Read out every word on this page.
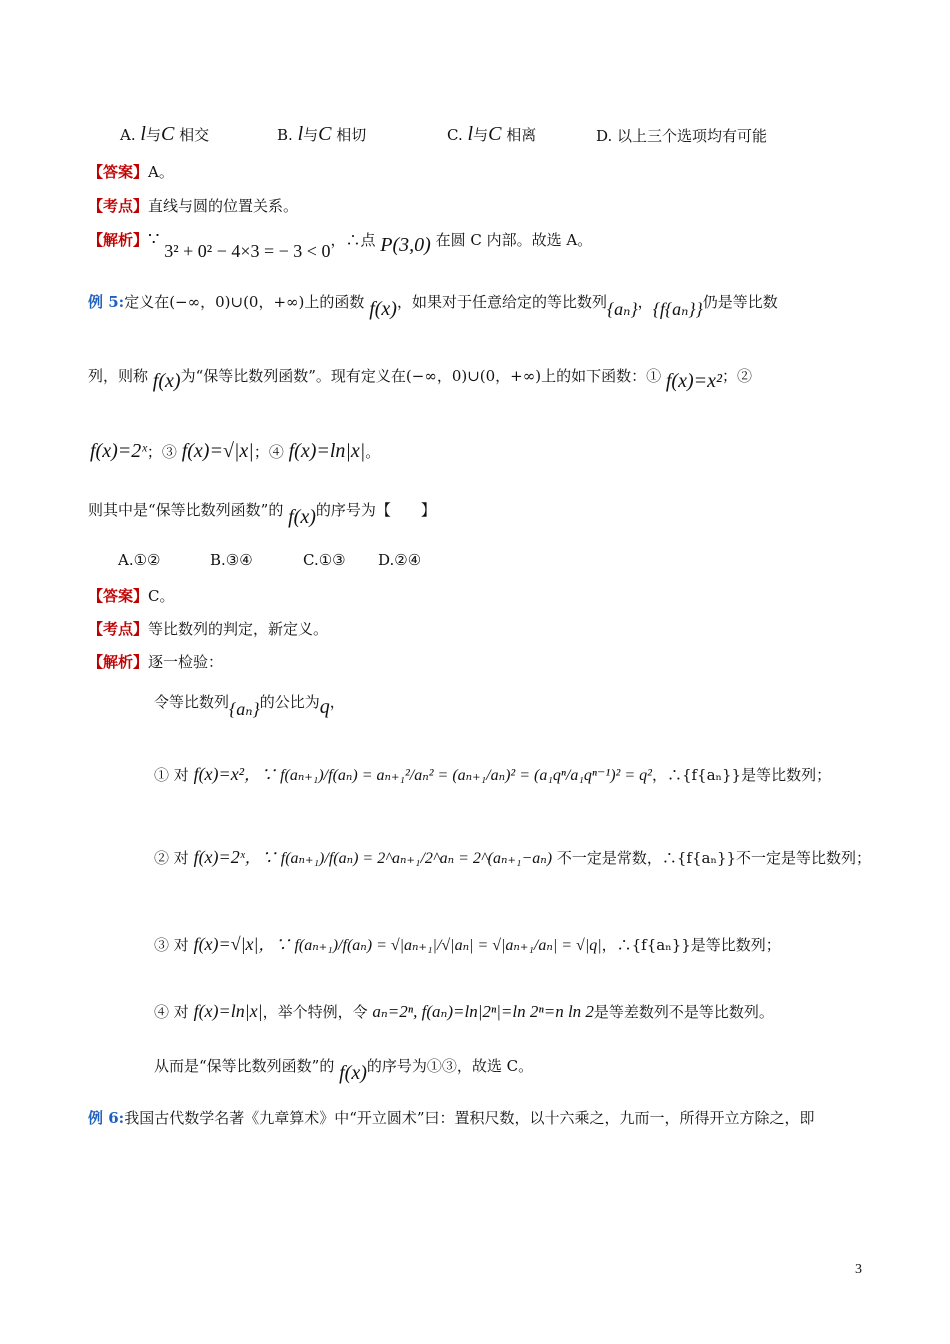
A. l与C 相交	B. l与C 相切	C. l与C 相离	D. 以上三个选项均有可能
【答案】A。
【考点】直线与圆的位置关系。
【解析】∵ 3² + 0² − 4×3 = − 3 < 0，∴点 P(3,0) 在圆 C 内部。故选 A。
例 5:定义在(−∞，0)∪(0，+∞)上的函数 f(x)，如果对于任意给定的等比数列{aₙ}，{f{aₙ}}仍是等比数
列，则称 f(x)为“保等比数列函数”。现有定义在(−∞，0)∪(0，+∞)上的如下函数：① f(x)=x²；②
f(x)=2ˣ；③ f(x)=√|x|；④ f(x)=ln|x|。
则其中是“保等比数列函数”的 f(x)的序号为【　　】
A.①②	B.③④	C.①③ D.②④
【答案】C。
【考点】等比数列的判定，新定义。
【解析】逐一检验：
令等比数列{aₙ}的公比为q，
① 对 f(x)=x²，∵ f(aₙ₊₁)/f(aₙ) = aₙ₊₁²/aₙ² = (aₙ₊₁/aₙ)² = (a₁qⁿ/a₁qⁿ⁻¹)² = q²，∴{f{aₙ}}是等比数列；
② 对 f(x)=2ˣ，∵ f(aₙ₊₁)/f(aₙ) = 2^aₙ₊₁/2^aₙ = 2^(aₙ₊₁−aₙ) 不一定是常数，∴{f{aₙ}}不一定是等比数列；
③ 对 f(x)=√|x|，∵ f(aₙ₊₁)/f(aₙ) = √|aₙ₊₁|/√|aₙ| = √|aₙ₊₁/aₙ| = √|q|，∴{f{aₙ}}是等比数列；
④ 对 f(x)=ln|x|，举个特例，令 aₙ=2ⁿ, f(aₙ)=ln|2ⁿ|=ln 2ⁿ=n ln 2是等差数列不是等比数列。
从而是“保等比数列函数”的 f(x)的序号为①③，故选 C。
例 6:我国古代数学名著《九章算术》中“开立圆术”曰：置积尺数，以十六乘之，九而一，所得开立方除之，即
3
